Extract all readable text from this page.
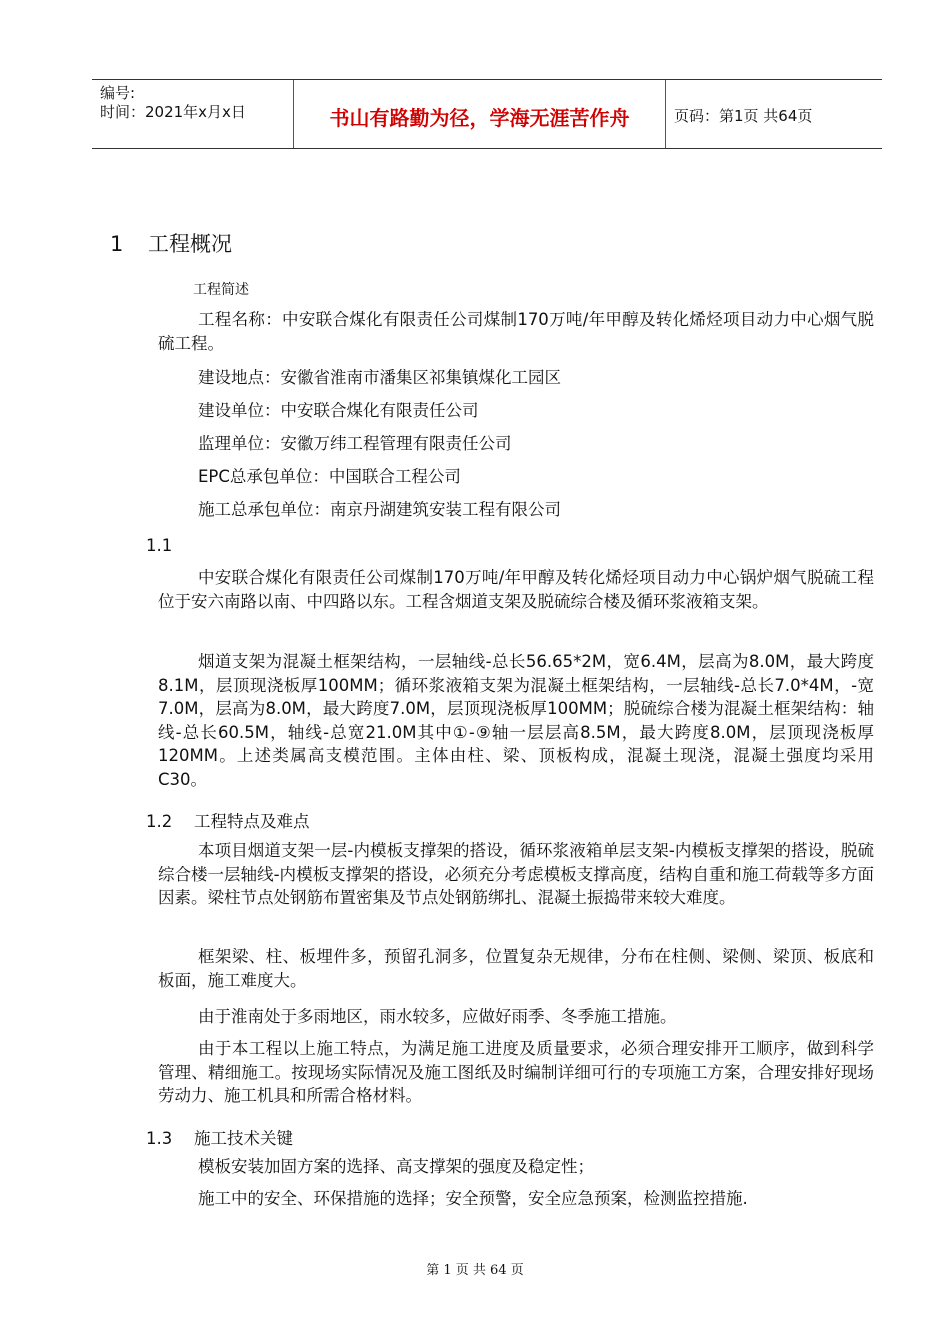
编号:
时间：2021年x月x日	书山有路勤为径，学海无涯苦作舟	页码：第1页 共64页
1 工程概况
工程简述
工程名称：中安联合煤化有限责任公司煤制170万吨/年甲醇及转化烯烃项目动力中心烟气脱硫工程。
建设地点：安徽省淮南市潘集区祁集镇煤化工园区
建设单位：中安联合煤化有限责任公司
监理单位：安徽万纬工程管理有限责任公司
EPC总承包单位：中国联合工程公司
施工总承包单位：南京丹湖建筑安装工程有限公司
1.1
中安联合煤化有限责任公司煤制170万吨/年甲醇及转化烯烃项目动力中心锅炉烟气脱硫工程位于安六南路以南、中四路以东。工程含烟道支架及脱硫综合楼及循环浆液箱支架。
烟道支架为混凝土框架结构，一层轴线-总长56.65*2M，宽6.4M，层高为8.0M，最大跨度8.1M，层顶现浇板厚100MM；循环浆液箱支架为混凝土框架结构，一层轴线-总长7.0*4M，-宽7.0M，层高为8.0M，最大跨度7.0M，层顶现浇板厚100MM；脱硫综合楼为混凝土框架结构：轴线-总长60.5M，轴线-总宽21.0M其中①-⑨轴一层层高8.5M，最大跨度8.0M，层顶现浇板厚120MM。上述类属高支模范围。主体由柱、梁、顶板构成，混凝土现浇，混凝土强度均采用C30。
1.2 工程特点及难点
本项目烟道支架一层-内模板支撑架的搭设，循环浆液箱单层支架-内模板支撑架的搭设，脱硫综合楼一层轴线-内模板支撑架的搭设，必须充分考虑模板支撑高度，结构自重和施工荷载等多方面因素。梁柱节点处钢筋布置密集及节点处钢筋绑扎、混凝土振捣带来较大难度。
框架梁、柱、板埋件多，预留孔洞多，位置复杂无规律，分布在柱侧、梁侧、梁顶、板底和板面，施工难度大。
由于淮南处于多雨地区，雨水较多，应做好雨季、冬季施工措施。
由于本工程以上施工特点，为满足施工进度及质量要求，必须合理安排开工顺序，做到科学管理、精细施工。按现场实际情况及施工图纸及时编制详细可行的专项施工方案，合理安排好现场劳动力、施工机具和所需合格材料。
1.3 施工技术关键
模板安装加固方案的选择、高支撑架的强度及稳定性；
施工中的安全、环保措施的选择；安全预警，安全应急预案，检测监控措施.
第 1 页 共 64 页
